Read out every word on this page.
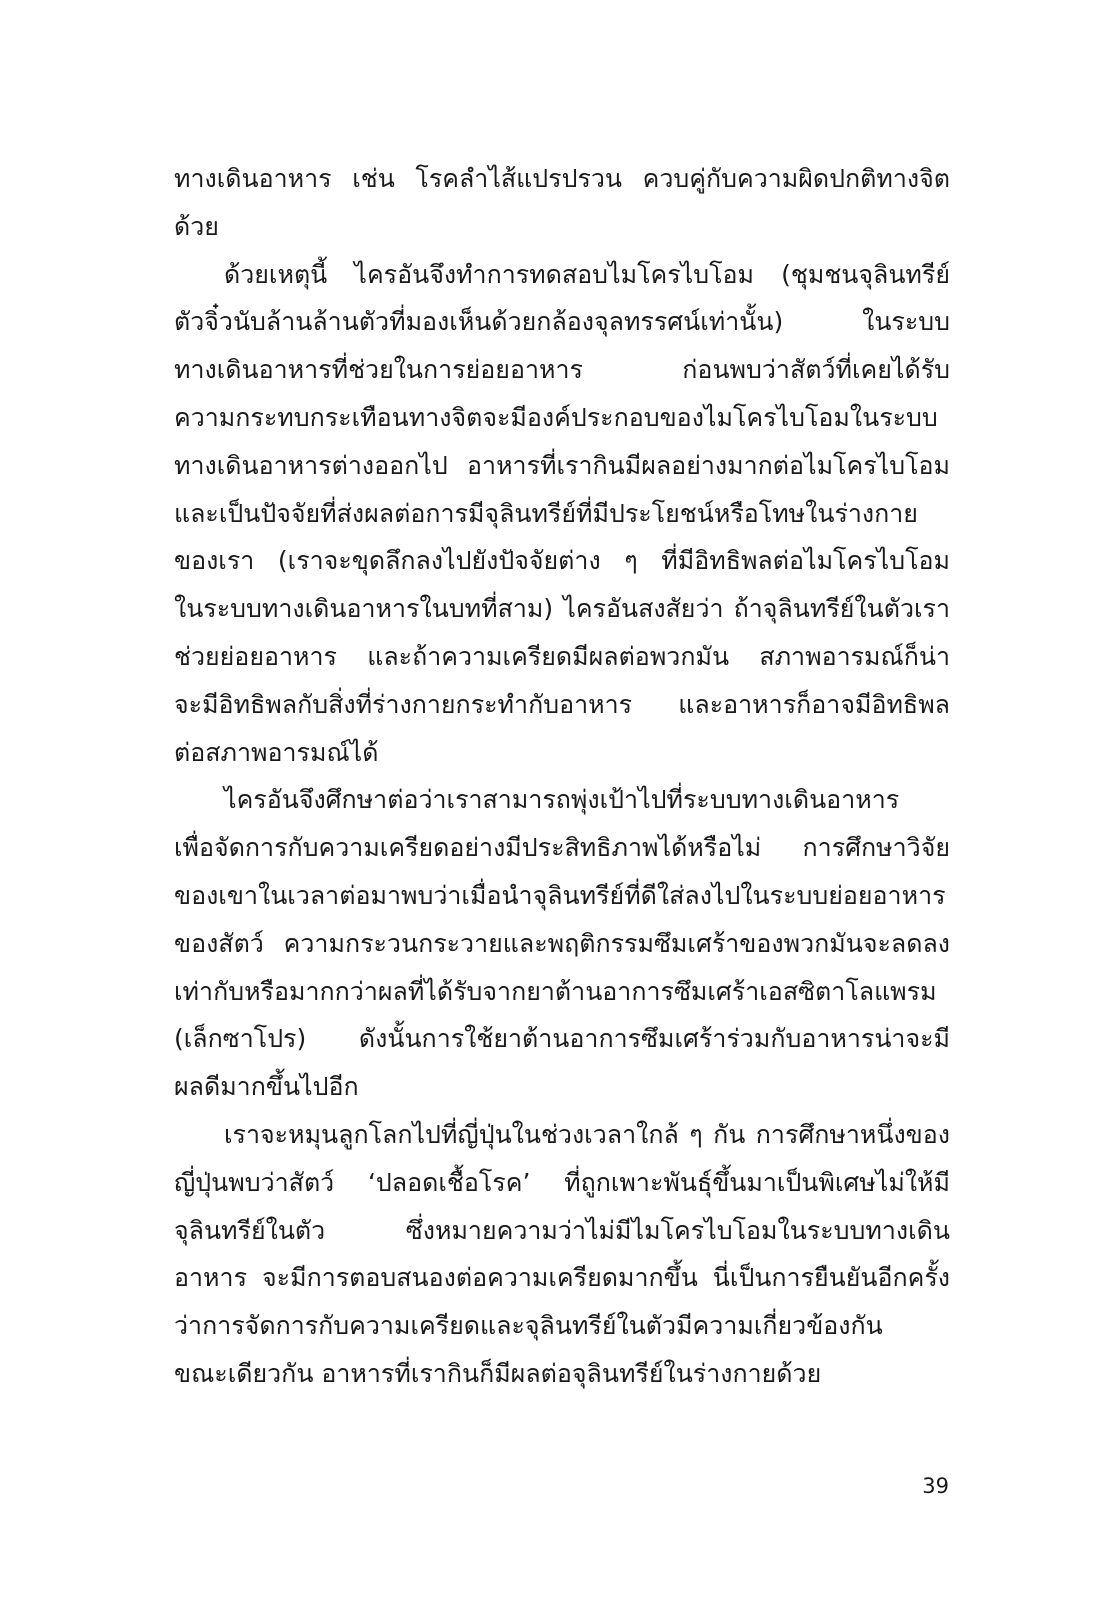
ทางเดินอาหาร เช่น โรคลำไส้แปรปรวน ควบคู่กับความผิดปกติทางจิต
ด้วย
ด้วยเหตุนี้ ไครอันจึงทำการทดสอบไมโครไบโอม (ชุมชนจุลินทรีย์
ตัวจิ๋วนับล้านล้านตัวที่มองเห็นด้วยกล้องจุลทรรศน์เท่านั้น) ในระบบ
ทางเดินอาหารที่ช่วยในการย่อยอาหาร ก่อนพบว่าสัตว์ที่เคยได้รับ
ความกระทบกระเทือนทางจิตจะมีองค์ประกอบของไมโครไบโอมในระบบ
ทางเดินอาหารต่างออกไป อาหารที่เรากินมีผลอย่างมากต่อไมโครไบโอม
และเป็นปัจจัยที่ส่งผลต่อการมีจุลินทรีย์ที่มีประโยชน์หรือโทษในร่างกาย
ของเรา (เราจะขุดลึกลงไปยังปัจจัยต่าง ๆ ที่มีอิทธิพลต่อไมโครไบโอม
ในระบบทางเดินอาหารในบทที่สาม) ไครอันสงสัยว่า ถ้าจุลินทรีย์ในตัวเรา
ช่วยย่อยอาหาร และถ้าความเครียดมีผลต่อพวกมัน สภาพอารมณ์ก็น่า
จะมีอิทธิพลกับสิ่งที่ร่างกายกระทำกับอาหาร และอาหารก็อาจมีอิทธิพล
ต่อสภาพอารมณ์ได้
ไครอันจึงศึกษาต่อว่าเราสามารถพุ่งเป้าไปที่ระบบทางเดินอาหาร
เพื่อจัดการกับความเครียดอย่างมีประสิทธิภาพได้หรือไม่ การศึกษาวิจัย
ของเขาในเวลาต่อมาพบว่าเมื่อนำจุลินทรีย์ที่ดีใส่ลงไปในระบบย่อยอาหาร
ของสัตว์ ความกระวนกระวายและพฤติกรรมซึมเศร้าของพวกมันจะลดลง
เท่ากับหรือมากกว่าผลที่ได้รับจากยาต้านอาการซึมเศร้าเอสซิตาโลแพรม
(เล็กซาโปร) ดังนั้นการใช้ยาต้านอาการซึมเศร้าร่วมกับอาหารน่าจะมี
ผลดีมากขึ้นไปอีก
เราจะหมุนลูกโลกไปที่ญี่ปุ่นในช่วงเวลาใกล้ ๆ กัน การศึกษาหนึ่งของ
ญี่ปุ่นพบว่าสัตว์ ‘ปลอดเชื้อโรค’ ที่ถูกเพาะพันธุ์ขึ้นมาเป็นพิเศษไม่ให้มี
จุลินทรีย์ในตัว ซึ่งหมายความว่าไม่มีไมโครไบโอมในระบบทางเดิน
อาหาร จะมีการตอบสนองต่อความเครียดมากขึ้น นี่เป็นการยืนยันอีกครั้ง
ว่าการจัดการกับความเครียดและจุลินทรีย์ในตัวมีความเกี่ยวข้องกัน
ขณะเดียวกัน อาหารที่เรากินก็มีผลต่อจุลินทรีย์ในร่างกายด้วย
39
